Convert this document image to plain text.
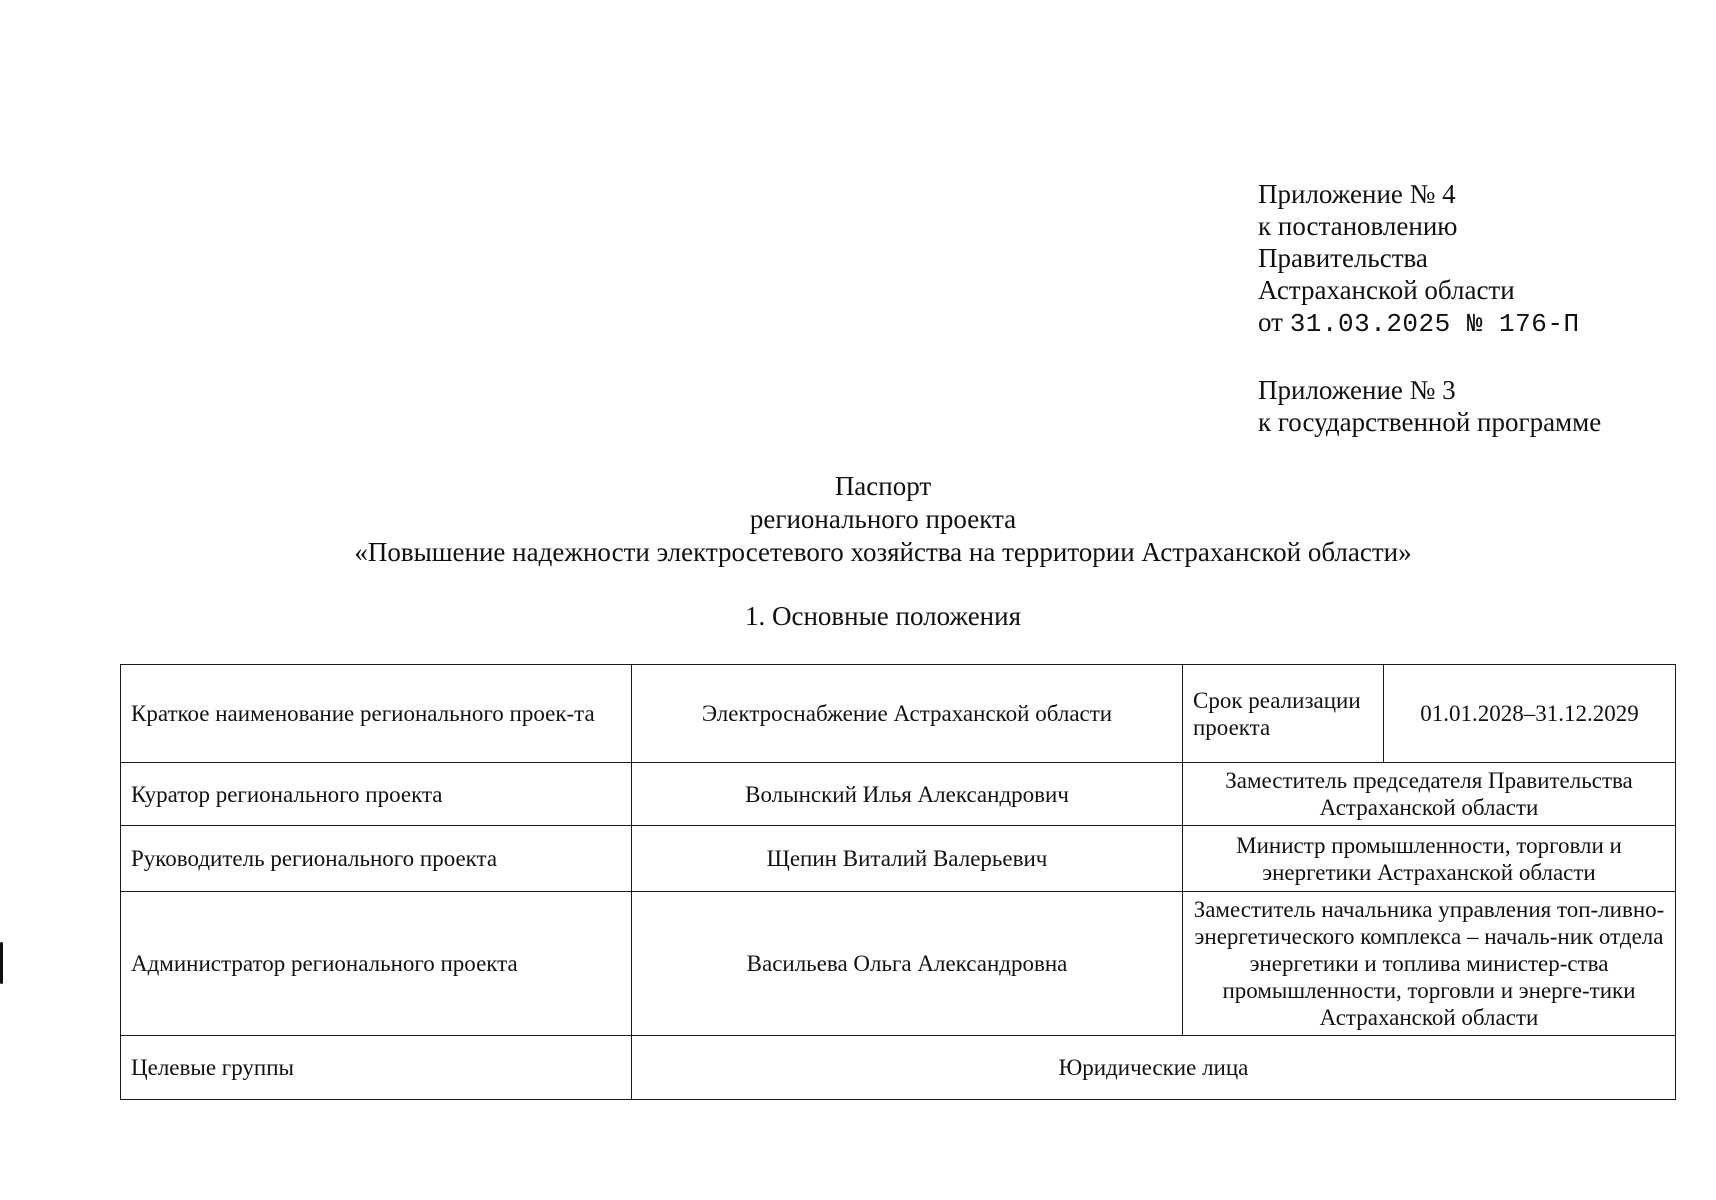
Приложение № 4
к постановлению
Правительства
Астраханской области
от 31.03.2025 № 176-П
Приложение № 3
к государственной программе
Паспорт
регионального проекта
«Повышение надежности электросетевого хозяйства на территории Астраханской области»
1. Основные положения
Краткое наименование регионального проек-та	Электроснабжение Астраханской области	Срок реализации проекта	01.01.2028–31.12.2029
Куратор регионального проекта	Волынский Илья Александрович	Заместитель председателя Правительства Астраханской области	
Руководитель регионального проекта	Щепин Виталий Валерьевич	Министр промышленности, торговли и энергетики Астраханской области	
Администратор регионального проекта	Васильева Ольга Александровна	Заместитель начальника управления топ-ливно-энергетического комплекса – началь-ник отдела энергетики и топлива министер-ства промышленности, торговли и энерге-тики Астраханской области	
Целевые группы	Юридические лица		
